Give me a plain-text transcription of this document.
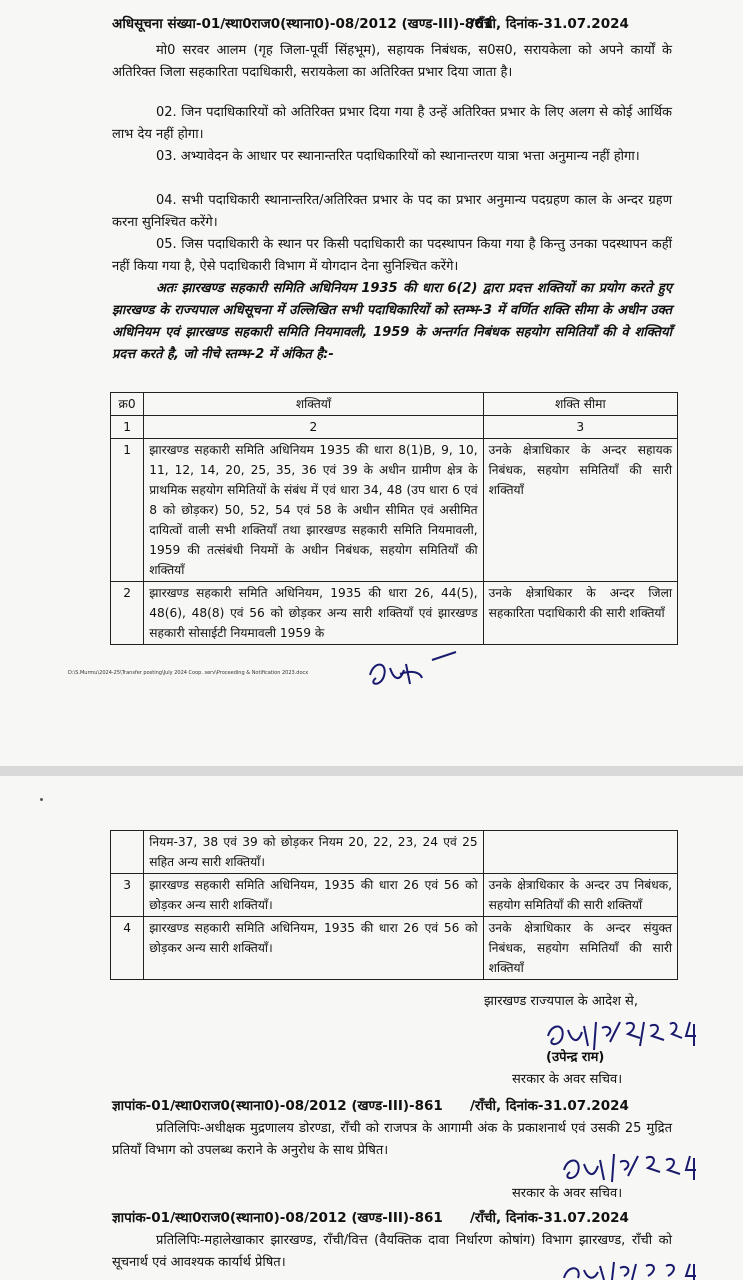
अधिसूचना संख्या-01/स्था0राज0(स्थाना0)-08/2012 (खण्ड-III)-861
/राँची, दिनांक-31.07.2024
मो0 सरवर आलम (गृह जिला-पूर्वी सिंहभूम), सहायक निबंधक, स0स0, सरायकेला को अपने कार्यों के अतिरिक्त जिला सहकारिता पदाधिकारी, सरायकेला का अतिरिक्त प्रभार दिया जाता है।
02. जिन पदाधिकारियों को अतिरिक्त प्रभार दिया गया है उन्हें अतिरिक्त प्रभार के लिए अलग से कोई आर्थिक लाभ देय नहीं होगा।
03. अभ्यावेदन के आधार पर स्थानान्तरित पदाधिकारियों को स्थानान्तरण यात्रा भत्ता अनुमान्य नहीं होगा।
04. सभी पदाधिकारी स्थानान्तरित/अतिरिक्त प्रभार के पद का प्रभार अनुमान्य पदग्रहण काल के अन्दर ग्रहण करना सुनिश्चित करेंगे।
05. जिस पदाधिकारी के स्थान पर किसी पदाधिकारी का पदस्थापन किया गया है किन्तु उनका पदस्थापन कहीं नहीं किया गया है, ऐसे पदाधिकारी विभाग में योगदान देना सुनिश्चित करेंगे।
अतः झारखण्ड सहकारी समिति अधिनियम 1935 की धारा 6(2) द्वारा प्रदत्त शक्तियों का प्रयोग करते हुए झारखण्ड के राज्यपाल अधिसूचना में उल्लिखित सभी पदाधिकारियों को स्तम्भ-3 में वर्णित शक्ति सीमा के अधीन उक्त अधिनियम एवं झारखण्ड सहकारी समिति नियमावली, 1959 के अन्तर्गत निबंधक सहयोग समितियाँ की वे शक्तियाँ प्रदत्त करते है, जो नीचे स्तम्भ-2 में अंकित है:-
क्र0	शक्तियाँ	शक्ति सीमा
1	2	3
1	झारखण्ड सहकारी समिति अधिनियम 1935 की धारा 8(1)B, 9, 10, 11, 12, 14, 20, 25, 35, 36 एवं 39 के अधीन ग्रामीण क्षेत्र के प्राथमिक सहयोग समितियों के संबंध में एवं धारा 34, 48 (उप धारा 6 एवं 8 को छोड़कर) 50, 52, 54 एवं 58 के अधीन सीमित एवं असीमित दायित्वों वाली सभी शक्तियाँ तथा झारखण्ड सहकारी समिति नियमावली, 1959 की तत्संबंधी नियमों के अधीन निबंधक, सहयोग समितियाँ की शक्तियाँ	उनके क्षेत्राधिकार के अन्दर सहायक निबंधक, सहयोग समितियाँ की सारी शक्तियाँ
2	झारखण्ड सहकारी समिति अधिनियम, 1935 की धारा 26, 44(5), 48(6), 48(8) एवं 56 को छोड़कर अन्य सारी शक्तियाँ एवं झारखण्ड सहकारी सोसाईटी नियमावली 1959 के	उनके क्षेत्राधिकार के अन्दर जिला सहकारिता पदाधिकारी की सारी शक्तियाँ
D:\S.Murmu\2024-25\Transfer posting\July 2024 Coop. serv\Proceeding & Notification 2023.docx
	नियम-37, 38 एवं 39 को छोड़कर नियम 20, 22, 23, 24 एवं 25 सहित अन्य सारी शक्तियाँ।	
3	झारखण्ड सहकारी समिति अधिनियम, 1935 की धारा 26 एवं 56 को छोड़कर अन्य सारी शक्तियाँ।	उनके क्षेत्राधिकार के अन्दर उप निबंधक, सहयोग समितियाँ की सारी शक्तियाँ
4	झारखण्ड सहकारी समिति अधिनियम, 1935 की धारा 26 एवं 56 को छोड़कर अन्य सारी शक्तियाँ।	उनके क्षेत्राधिकार के अन्दर संयुक्त निबंधक, सहयोग समितियाँ की सारी शक्तियाँ
झारखण्ड राज्यपाल के आदेश से,
(उपेन्द्र राम)
सरकार के अवर सचिव।
ज्ञापांक-01/स्था0राज0(स्थाना0)-08/2012 (खण्ड-III)-861 /राँची, दिनांक-31.07.2024
प्रतिलिपिः-अधीक्षक मुद्रणालय डोरण्डा, राँची को राजपत्र के आगामी अंक के प्रकाशनार्थ एवं उसकी 25 मुद्रित प्रतियाँ विभाग को उपलब्ध कराने के अनुरोध के साथ प्रेषित।
सरकार के अवर सचिव।
ज्ञापांक-01/स्था0राज0(स्थाना0)-08/2012 (खण्ड-III)-861 /राँची, दिनांक-31.07.2024
प्रतिलिपिः-महालेखाकार झारखण्ड, राँची/वित्त (वैयक्तिक दावा निर्धारण कोषांग) विभाग झारखण्ड, राँची को सूचनार्थ एवं आवश्यक कार्यार्थ प्रेषित।
